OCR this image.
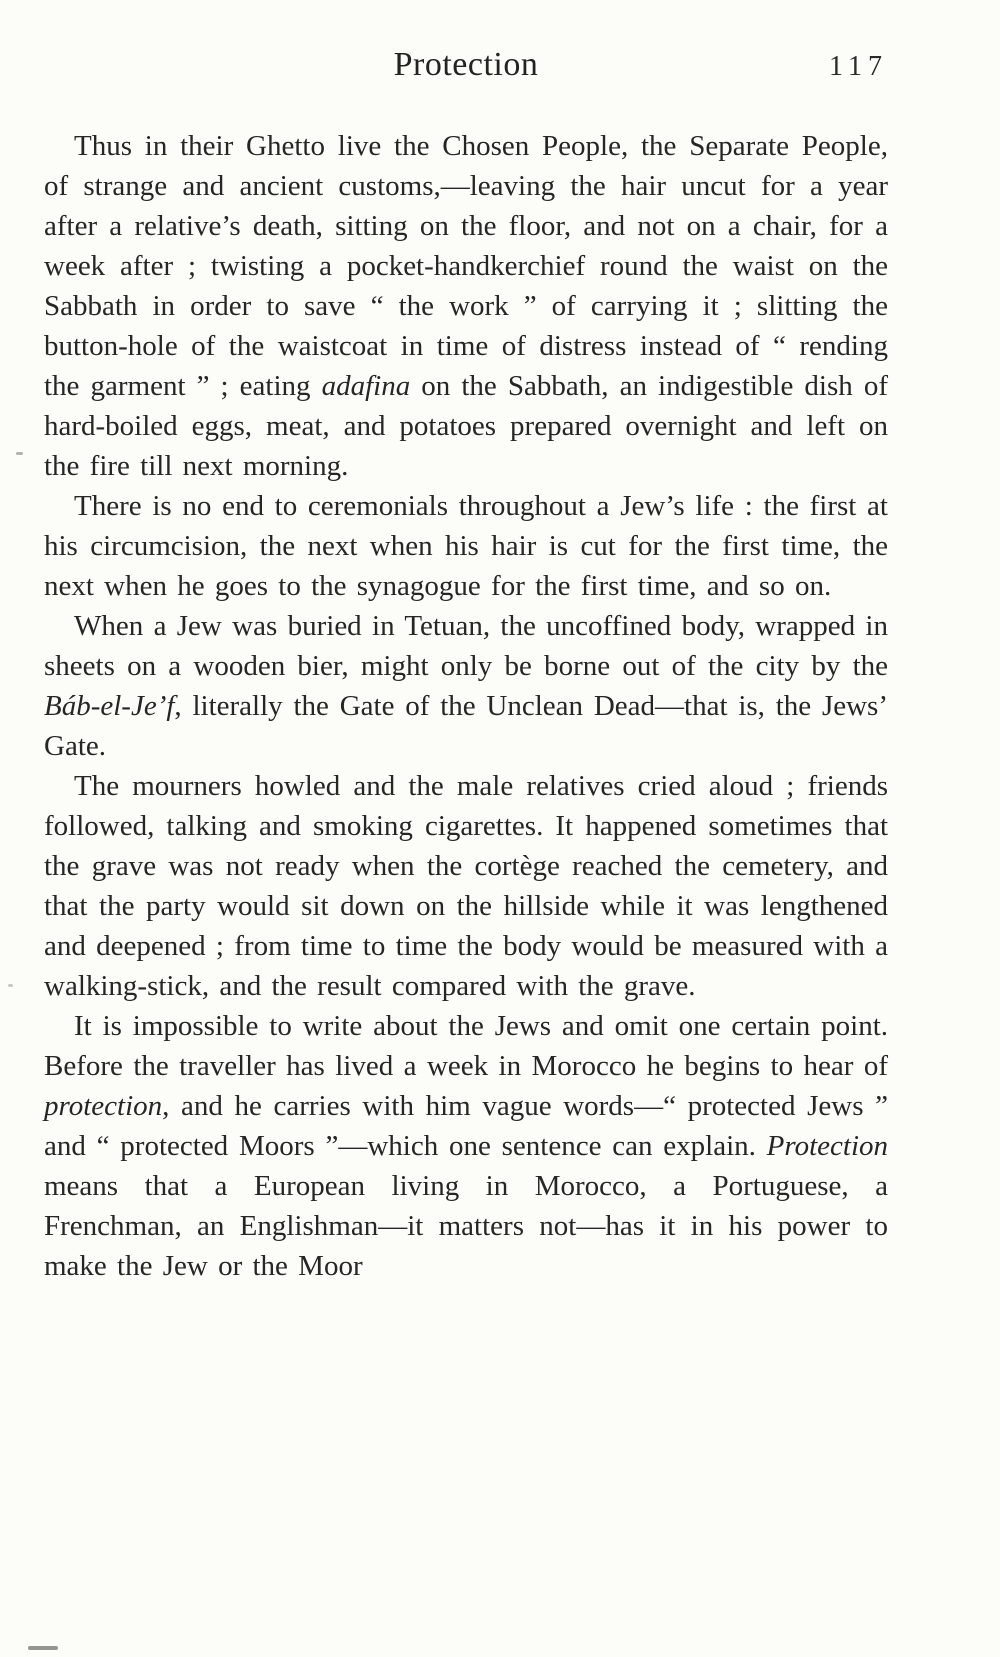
Protection	117

Thus in their Ghetto live the Chosen People, the Separate People, of strange and ancient customs,—leaving the hair uncut for a year after a relative’s death, sitting on the floor, and not on a chair, for a week after ; twisting a pocket-handkerchief round the waist on the Sabbath in order to save “ the work ” of carrying it ; slitting the button-hole of the waistcoat in time of distress instead of “ rending the garment ” ; eating adafina on the Sabbath, an indigestible dish of hard-boiled eggs, meat, and potatoes prepared overnight and left on the fire till next morning.

There is no end to ceremonials throughout a Jew’s life : the first at his circumcision, the next when his hair is cut for the first time, the next when he goes to the synagogue for the first time, and so on.

When a Jew was buried in Tetuan, the uncoffined body, wrapped in sheets on a wooden bier, might only be borne out of the city by the Báb-el-Je’f, literally the Gate of the Unclean Dead—that is, the Jews’ Gate.

The mourners howled and the male relatives cried aloud ; friends followed, talking and smoking cigarettes. It happened sometimes that the grave was not ready when the cortège reached the cemetery, and that the party would sit down on the hillside while it was lengthened and deepened ; from time to time the body would be measured with a walking-stick, and the result compared with the grave.

It is impossible to write about the Jews and omit one certain point. Before the traveller has lived a week in Morocco he begins to hear of protection, and he carries with him vague words—“ protected Jews ” and “ protected Moors ”—which one sentence can explain. Protection means that a European living in Morocco, a Portuguese, a Frenchman, an Englishman—it matters not—has it in his power to make the Jew or the Moor
